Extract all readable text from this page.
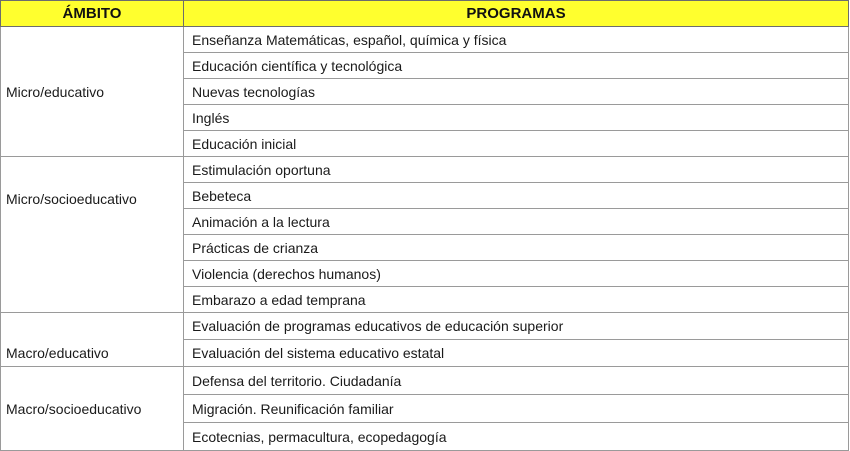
ÁMBITO	PROGRAMAS
Micro/educativo	Enseñanza Matemáticas, español, química y física
	Educación científica y tecnológica
	Nuevas tecnologías
	Inglés
	Educación inicial
Micro/socioeducativo	Estimulación oportuna
	Bebeteca
	Animación a la lectura
	Prácticas de crianza
	Violencia (derechos humanos)
	Embarazo a edad temprana
Macro/educativo	Evaluación de programas educativos de educación superior
	Evaluación del sistema educativo estatal
Macro/socioeducativo	Defensa del territorio. Ciudadanía
	Migración. Reunificación familiar
	Ecotecnias, permacultura, ecopedagogía
